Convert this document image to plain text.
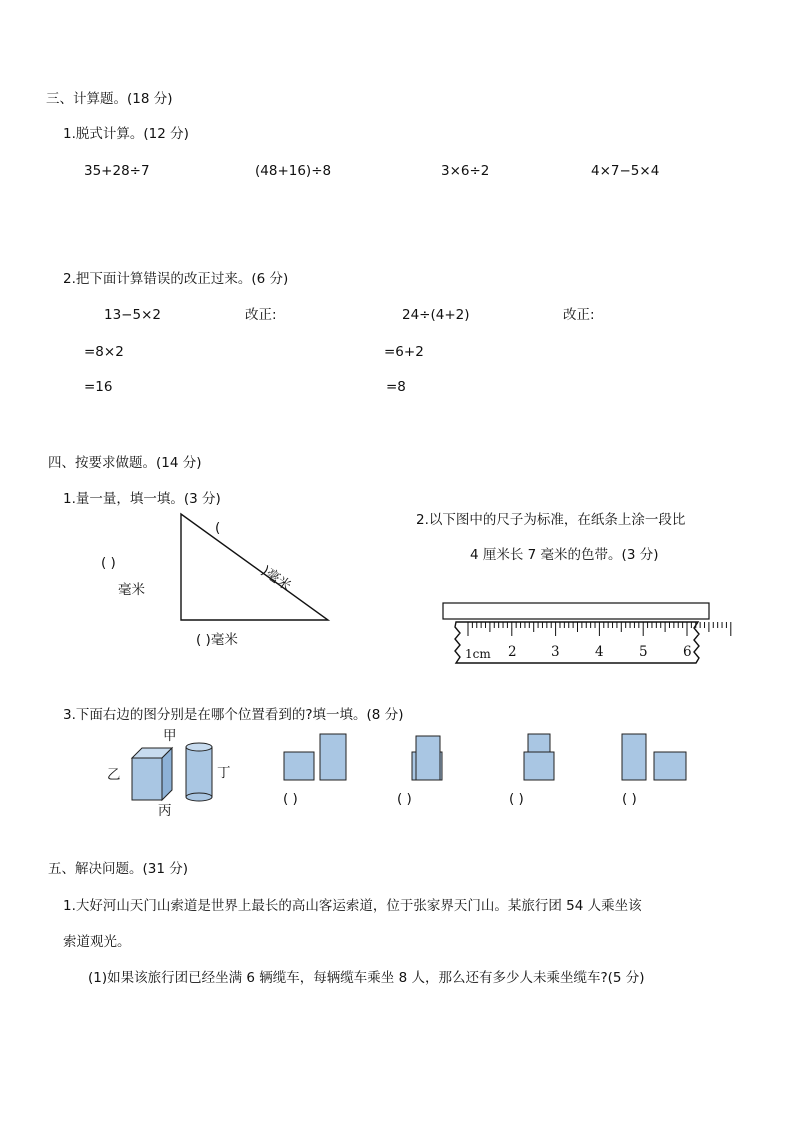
三、计算题。(18 分)
1.脱式计算。(12 分)
35+28÷7	(48+16)÷8	3×6÷2	4×7−5×4
2.把下面计算错误的改正过来。(6 分)
13−5×2	改正:	24÷(4+2)	改正:
=8×2	=6+2
=16	=8
四、按要求做题。(14 分)
1.量一量，填一填。(3 分)
( )
毫米
(
)毫米
( )毫米
2.以下图中的尺子为标准，在纸条上涂一段比
4 厘米长 7 毫米的色带。(3 分)
1cm 2	3	4	5	6
3.下面右边的图分别是在哪个位置看到的?填一填。(8 分)
甲
乙	丁
丙
( )	( )	( )	( )
五、解决问题。(31 分)
1.大好河山天门山索道是世界上最长的高山客运索道，位于张家界天门山。某旅行团 54 人乘坐该
索道观光。
(1)如果该旅行团已经坐满 6 辆缆车，每辆缆车乘坐 8 人，那么还有多少人未乘坐缆车?(5 分)
